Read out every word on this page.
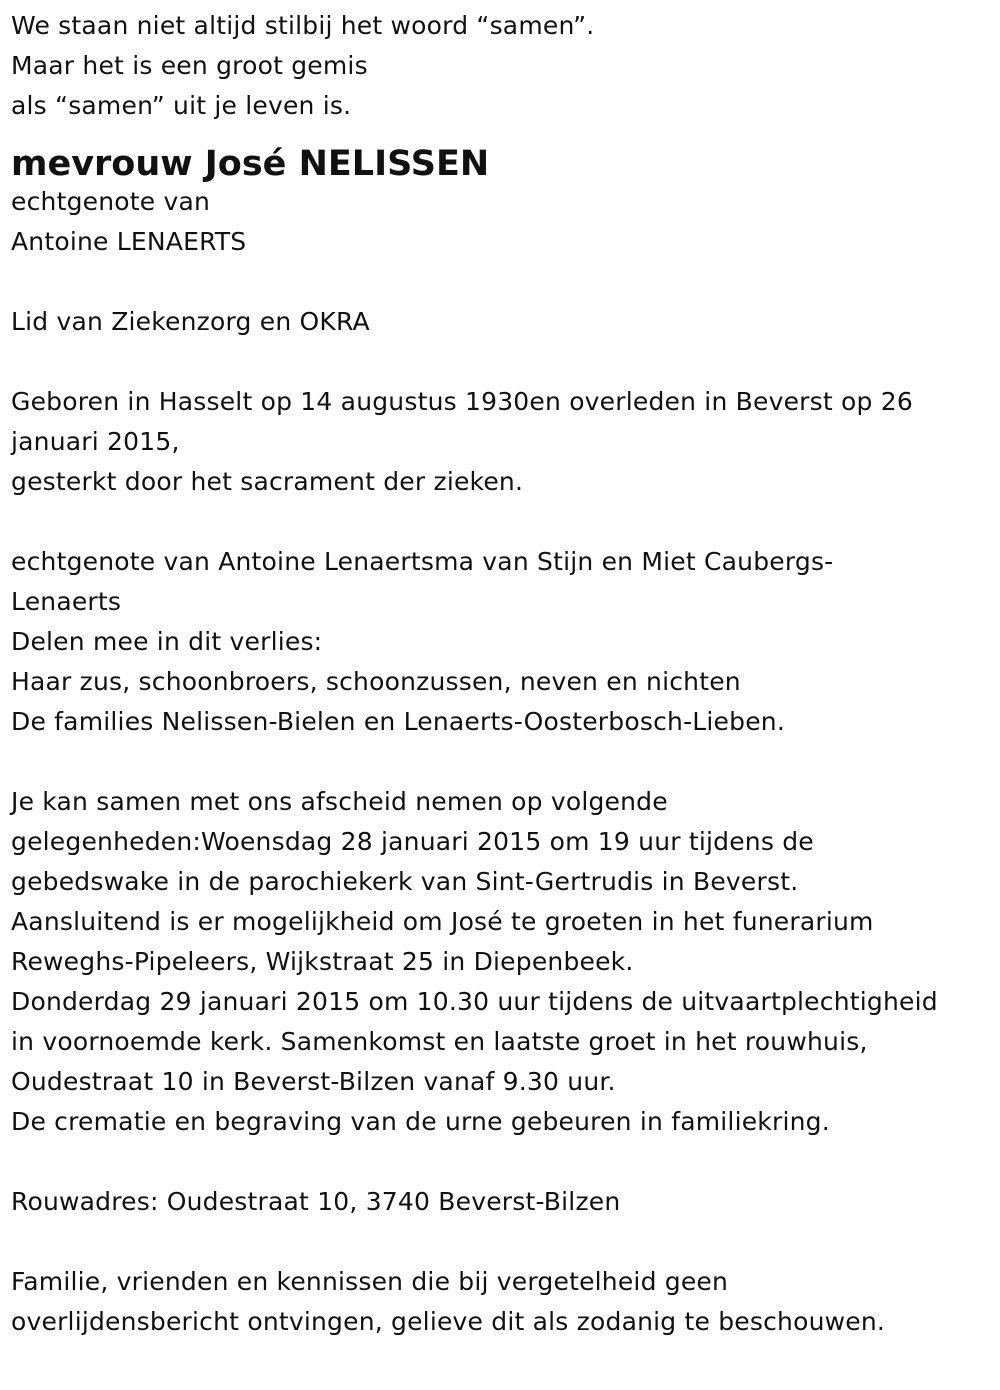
We staan niet altijd stilbij het woord “samen”.
Maar het is een groot gemis
als “samen” uit je leven is.
mevrouw José NELISSEN
echtgenote van
Antoine LENAERTS
Lid van Ziekenzorg en OKRA
Geboren in Hasselt op 14 augustus 1930en overleden in Beverst op 26
januari 2015,
gesterkt door het sacrament der zieken.
echtgenote van Antoine Lenaertsma van Stijn en Miet Caubergs-
Lenaerts
Delen mee in dit verlies:
Haar zus, schoonbroers, schoonzussen, neven en nichten
De families Nelissen-Bielen en Lenaerts-Oosterbosch-Lieben.
Je kan samen met ons afscheid nemen op volgende
gelegenheden:Woensdag 28 januari 2015 om 19 uur tijdens de
gebedswake in de parochiekerk van Sint-Gertrudis in Beverst.
Aansluitend is er mogelijkheid om José te groeten in het funerarium
Reweghs-Pipeleers, Wijkstraat 25 in Diepenbeek.
Donderdag 29 januari 2015 om 10.30 uur tijdens de uitvaartplechtigheid
in voornoemde kerk. Samenkomst en laatste groet in het rouwhuis,
Oudestraat 10 in Beverst-Bilzen vanaf 9.30 uur.
De crematie en begraving van de urne gebeuren in familiekring.
Rouwadres: Oudestraat 10, 3740 Beverst-Bilzen
Familie, vrienden en kennissen die bij vergetelheid geen
overlijdensbericht ontvingen, gelieve dit als zodanig te beschouwen.
